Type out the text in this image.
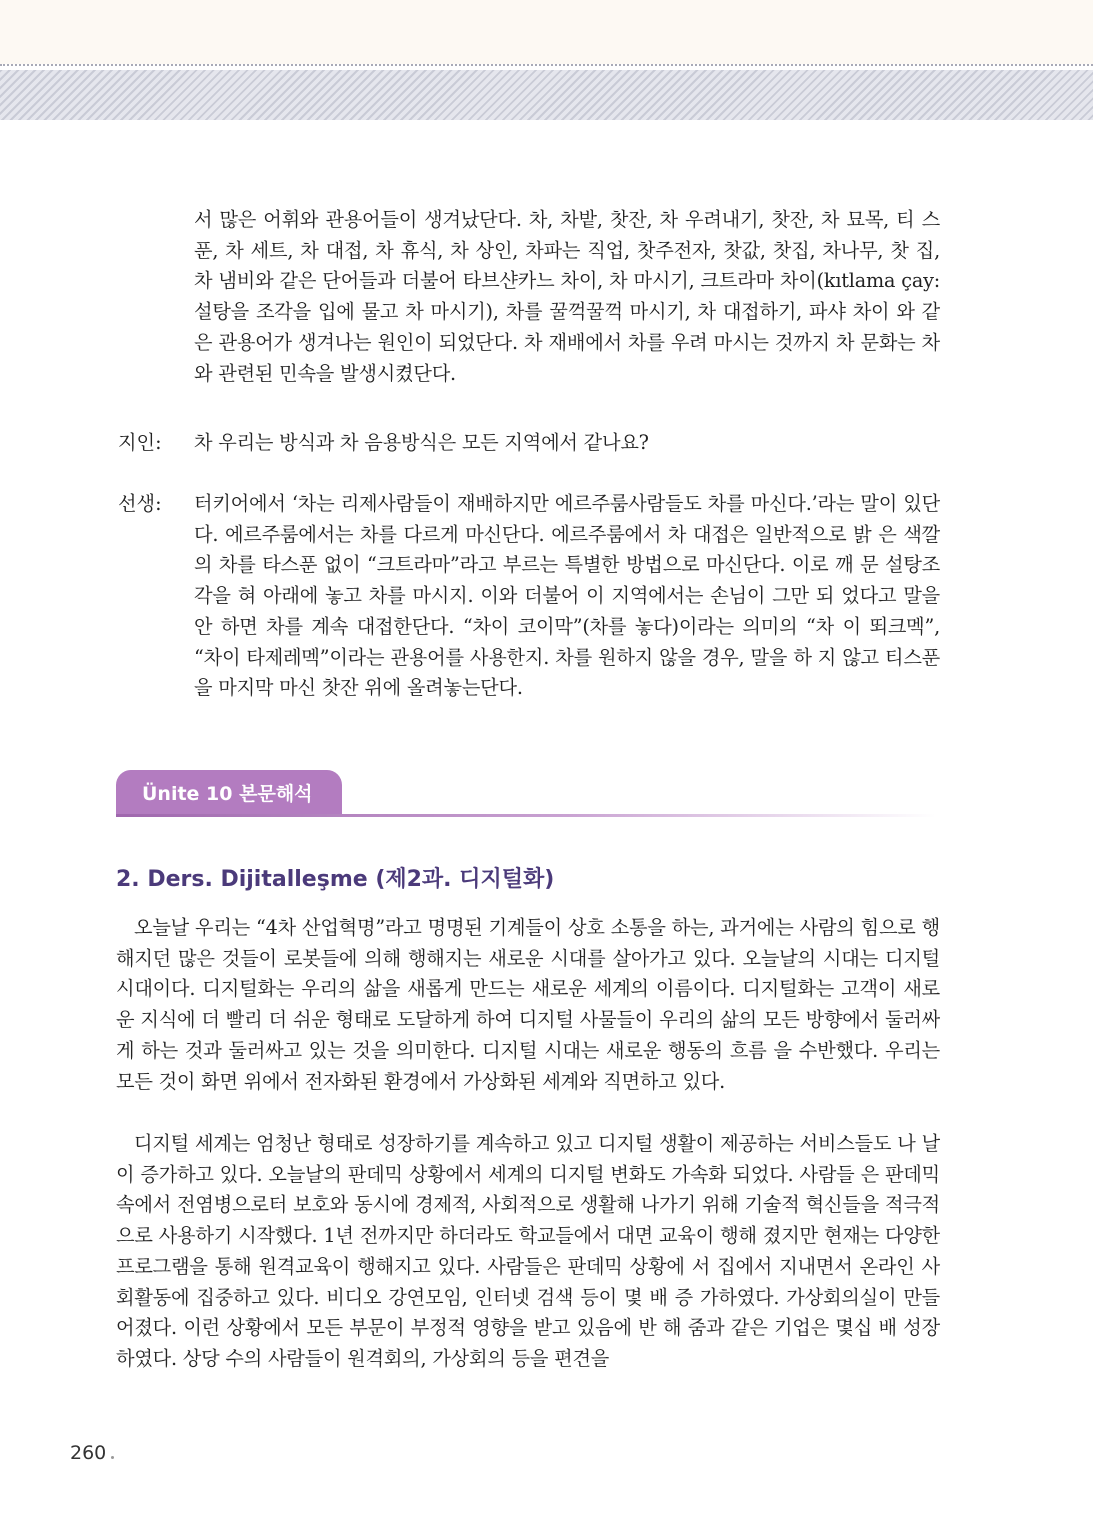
서 많은 어휘와 관용어들이 생겨났단다. 차, 차밭, 찻잔, 차 우려내기, 찻잔, 차 묘목, 티 스푼, 차 세트, 차 대접, 차 휴식, 차 상인, 차파는 직업, 찻주전자, 찻값, 찻집, 차나무, 찻 집, 차 냄비와 같은 단어들과 더불어 타브샨카느 차이, 차 마시기, 크트라마 차이(kıtlama çay: 설탕을 조각을 입에 물고 차 마시기), 차를 꿀꺽꿀꺽 마시기, 차 대접하기, 파샤 차이 와 같은 관용어가 생겨나는 원인이 되었단다. 차 재배에서 차를 우려 마시는 것까지 차 문화는 차와 관련된 민속을 발생시켰단다.

지인: 차 우리는 방식과 차 음용방식은 모든 지역에서 같나요?

선생: 터키어에서 ‘차는 리제사람들이 재배하지만 에르주룸사람들도 차를 마신다.’라는 말이 있단다. 에르주룸에서는 차를 다르게 마신단다. 에르주룸에서 차 대접은 일반적으로 밝 은 색깔의 차를 타스푼 없이 “크트라마”라고 부르는 특별한 방법으로 마신단다. 이로 깨 문 설탕조각을 혀 아래에 놓고 차를 마시지. 이와 더불어 이 지역에서는 손님이 그만 되 었다고 말을 안 하면 차를 계속 대접한단다. “차이 코이막”(차를 놓다)이라는 의미의 “차 이 뙤크멕”, “차이 타제레멕”이라는 관용어를 사용한지. 차를 원하지 않을 경우, 말을 하 지 않고 티스푼을 마지막 마신 찻잔 위에 올려놓는단다.

Ünite 10 본문해석
2. Ders. Dijitalleşme (제2과. 디지털화)

오늘날 우리는 “4차 산업혁명”라고 명명된 기계들이 상호 소통을 하는, 과거에는 사람의 힘으로 행해지던 많은 것들이 로봇들에 의해 행해지는 새로운 시대를 살아가고 있다. 오늘날의 시대는 디지털 시대이다. 디지털화는 우리의 삶을 새롭게 만드는 새로운 세계의 이름이다. 디지털화는 고객이 새로운 지식에 더 빨리 더 쉬운 형태로 도달하게 하여 디지털 사물들이 우리의 삶의 모든 방향에서 둘러싸게 하는 것과 둘러싸고 있는 것을 의미한다. 디지털 시대는 새로운 행동의 흐름 을 수반했다. 우리는 모든 것이 화면 위에서 전자화된 환경에서 가상화된 세계와 직면하고 있다.

디지털 세계는 엄청난 형태로 성장하기를 계속하고 있고 디지털 생활이 제공하는 서비스들도 나 날이 증가하고 있다. 오늘날의 판데믹 상황에서 세계의 디지털 변화도 가속화 되었다. 사람들 은 판데믹 속에서 전염병으로터 보호와 동시에 경제적, 사회적으로 생활해 나가기 위해 기술적 혁신들을 적극적으로 사용하기 시작했다. 1년 전까지만 하더라도 학교들에서 대면 교육이 행해 졌지만 현재는 다양한 프로그램을 통해 원격교육이 행해지고 있다. 사람들은 판데믹 상황에 서 집에서 지내면서 온라인 사회활동에 집중하고 있다. 비디오 강연모임, 인터넷 검색 등이 몇 배 증 가하였다. 가상회의실이 만들어졌다. 이런 상황에서 모든 부문이 부정적 영향을 받고 있음에 반 해 줌과 같은 기업은 몇십 배 성장하였다. 상당 수의 사람들이 원격회의, 가상회의 등을 편견을

260
